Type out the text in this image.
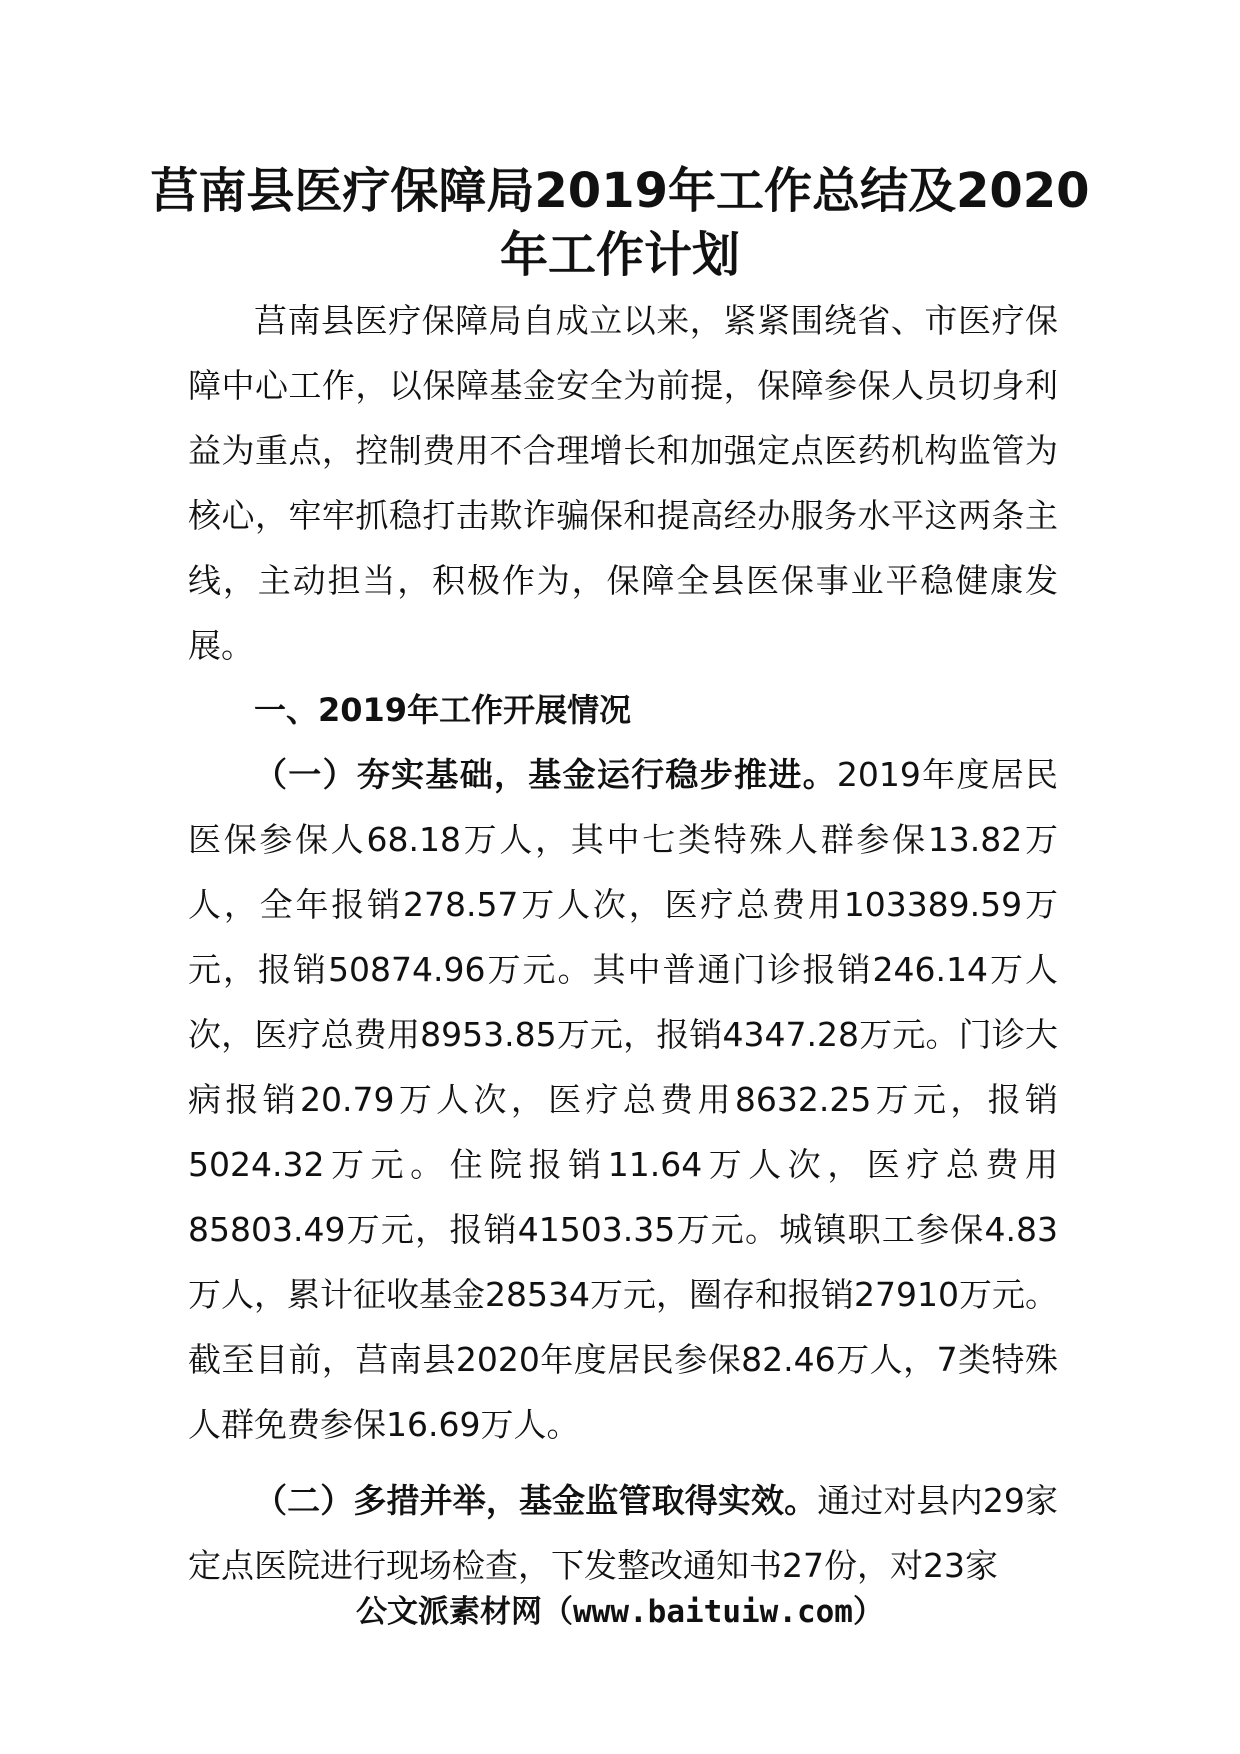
莒南县医疗保障局2019年工作总结及2020
年工作计划

莒南县医疗保障局自成立以来，紧紧围绕省、市医疗保障中心工作，以保障基金安全为前提，保障参保人员切身利益为重点，控制费用不合理增长和加强定点医药机构监管为核心，牢牢抓稳打击欺诈骗保和提高经办服务水平这两条主线，主动担当，积极作为，保障全县医保事业平稳健康发展。

一、2019年工作开展情况

（一）夯实基础，基金运行稳步推进。2019年度居民医保参保人68.18万人，其中七类特殊人群参保13.82万人，全年报销278.57万人次，医疗总费用103389.59万元，报销50874.96万元。其中普通门诊报销246.14万人次，医疗总费用8953.85万元，报销4347.28万元。门诊大病报销20.79万人次，医疗总费用8632.25万元，报销5024.32万元。住院报销11.64万人次，医疗总费用85803.49万元，报销41503.35万元。城镇职工参保4.83万人，累计征收基金28534万元，圈存和报销27910万元。截至目前，莒南县2020年度居民参保82.46万人，7类特殊人群免费参保16.69万人。

（二）多措并举，基金监管取得实效。通过对县内29家定点医院进行现场检查，下发整改通知书27份，对23家

公文派素材网（www.baituiw.com）
